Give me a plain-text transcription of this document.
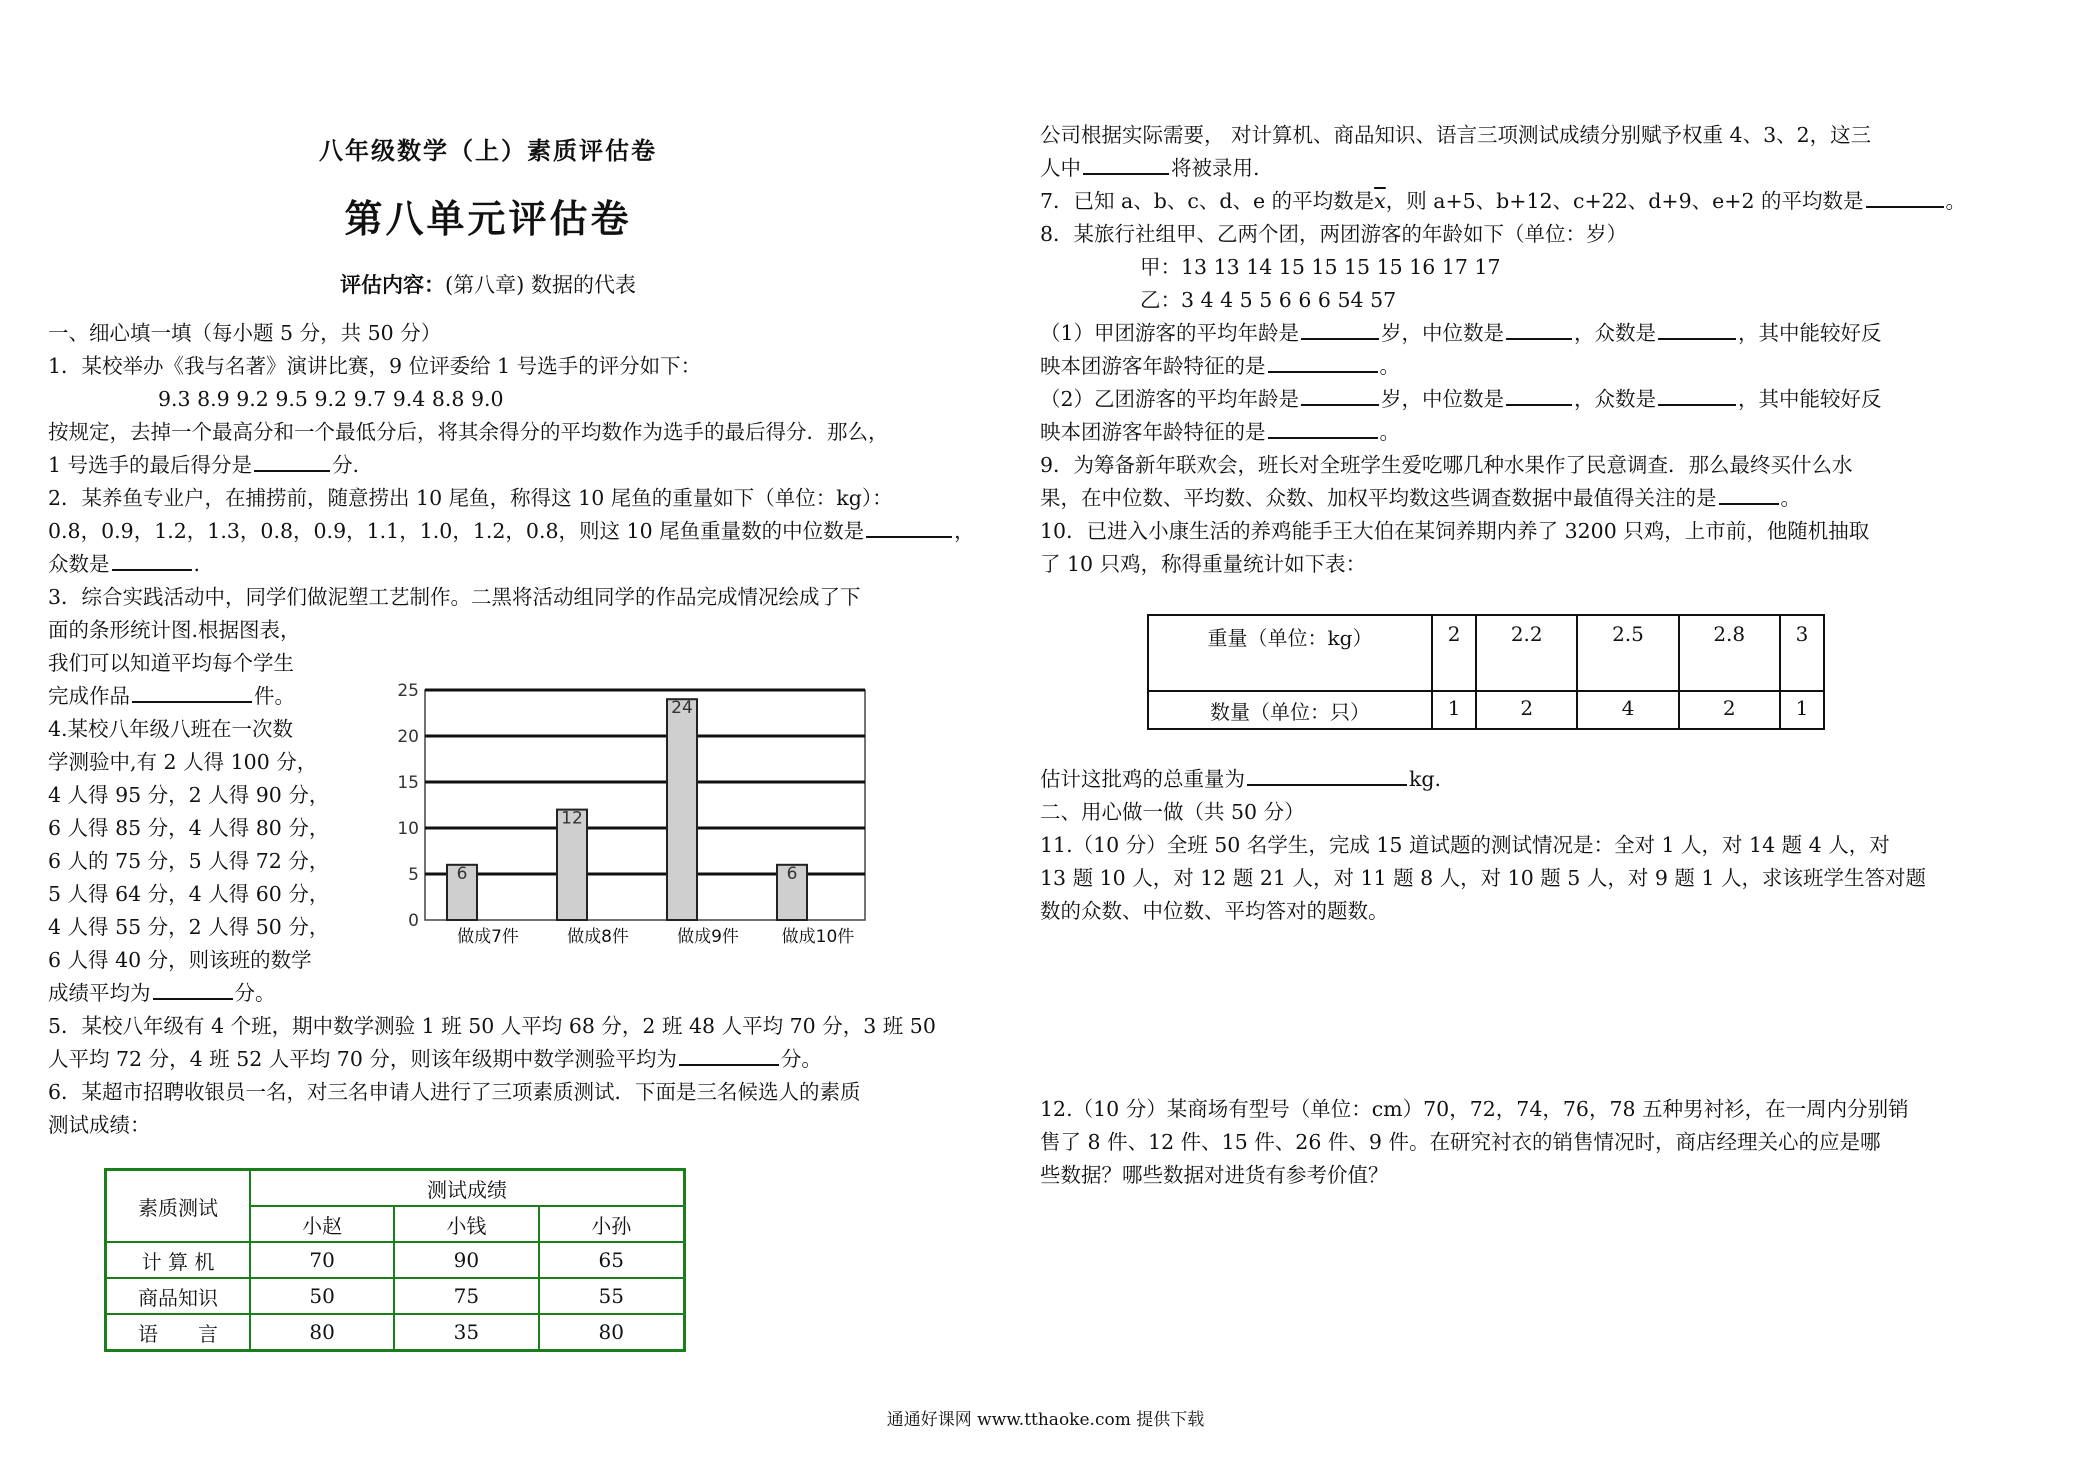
八年级数学（上）素质评估卷
第八单元评估卷
评估内容：(第八章) 数据的代表
一、细心填一填（每小题 5 分，共 50 分）
1．某校举办《我与名著》演讲比赛，9 位评委给 1 号选手的评分如下：
9.3 8.9 9.2 9.5 9.2 9.7 9.4 8.8 9.0
按规定，去掉一个最高分和一个最低分后，将其余得分的平均数作为选手的最后得分．那么，
1 号选手的最后得分是	分.
2．某养鱼专业户，在捕捞前，随意捞出 10 尾鱼，称得这 10 尾鱼的重量如下（单位：kg）：
0.8，0.9，1.2，1.3，0.8，0.9，1.1，1.0，1.2，0.8，则这 10 尾鱼重量数的中位数是	，
众数是	.
3．综合实践活动中，同学们做泥塑工艺制作。二黑将活动组同学的作品完成情况绘成了下
面的条形统计图.根据图表，
我们可以知道平均每个学生
完成作品	件。
4.某校八年级八班在一次数
学测验中,有 2 人得 100 分，
4 人得 95 分，2 人得 90 分，
6 人得 85 分，4 人得 80 分，
6 人的 75 分，5 人得 72 分，
5 人得 64 分，4 人得 60 分，
4 人得 55 分，2 人得 50 分，
6 人得 40 分，则该班的数学
成绩平均为	分。
5．某校八年级有 4 个班，期中数学测验 1 班 50 人平均 68 分，2 班 48 人平均 70 分，3 班 50
人平均 72 分，4 班 52 人平均 70 分，则该年级期中数学测验平均为	分。
6．某超市招聘收银员一名，对三名申请人进行了三项素质测试．下面是三名候选人的素质
测试成绩：
0
5
10
15
20
25
6
做成7件
12
做成8件
24
做成9件
6
做成10件
素质测试	测试成绩		
	小赵	小钱	小孙
计 算 机	70	90	65
商品知识	50	75	55
语　　言	80	35	80
公司根据实际需要， 对计算机、商品知识、语言三项测试成绩分别赋予权重 4、3、2，这三
人中	将被录用.
7．已知 a、b、c、d、e 的平均数是$\overline{x}$，则 a+5、b+12、c+22、d+9、e+2 的平均数是	。
8．某旅行社组甲、乙两个团，两团游客的年龄如下（单位：岁）
甲：13 13 14 15 15 15 15 16 17 17
乙：3 4 4 5 5 6 6 6 54 57
（1）甲团游客的平均年龄是	岁，中位数是	，众数是	，其中能较好反
映本团游客年龄特征的是	。
（2）乙团游客的平均年龄是	岁，中位数是	，众数是	，其中能较好反
映本团游客年龄特征的是	。
9．为筹备新年联欢会，班长对全班学生爱吃哪几种水果作了民意调查．那么最终买什么水
果，在中位数、平均数、众数、加权平均数这些调查数据中最值得关注的是	。
10．已进入小康生活的养鸡能手王大伯在某饲养期内养了 3200 只鸡，上市前，他随机抽取
了 10 只鸡，称得重量统计如下表：
估计这批鸡的总重量为	kg.
二、用心做一做（共 50 分）
11.（10 分）全班 50 名学生，完成 15 道试题的测试情况是：全对 1 人，对 14 题 4 人，对
13 题 10 人，对 12 题 21 人，对 11 题 8 人，对 10 题 5 人，对 9 题 1 人，求该班学生答对题
数的众数、中位数、平均答对的题数。
12.（10 分）某商场有型号（单位：cm）70，72，74，76，78 五种男衬衫，在一周内分别销
售了 8 件、12 件、15 件、26 件、9 件。在研究衬衣的销售情况时，商店经理关心的应是哪
些数据？哪些数据对进货有参考价值？
重量（单位：kg）	2	2.2	2.5	2.8	3
数量（单位：只）	1	2	4	2	1
通通好课网 www.tthaoke.com 提供下载
